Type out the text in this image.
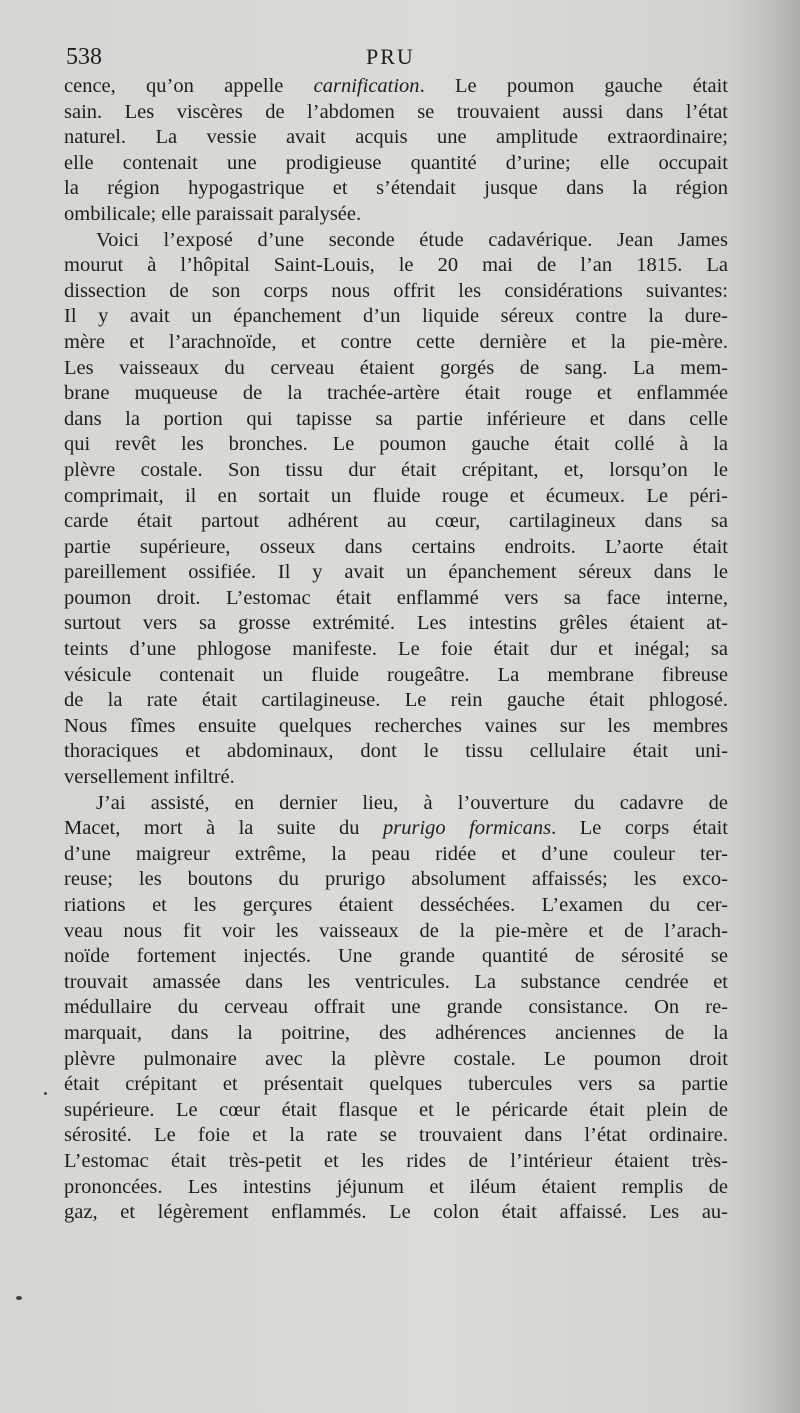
538	PRU
cence, qu’on appelle carnification. Le poumon gauche était
sain. Les viscères de l’abdomen se trouvaient aussi dans l’état
naturel. La vessie avait acquis une amplitude extraordinaire;
elle contenait une prodigieuse quantité d’urine; elle occupait
la région hypogastrique et s’étendait jusque dans la région
ombilicale; elle paraissait paralysée.
Voici l’exposé d’une seconde étude cadavérique. Jean James
mourut à l’hôpital Saint-Louis, le 20 mai de l’an 1815. La
dissection de son corps nous offrit les considérations suivantes:
Il y avait un épanchement d’un liquide séreux contre la dure-
mère et l’arachnoïde, et contre cette dernière et la pie-mère.
Les vaisseaux du cerveau étaient gorgés de sang. La mem-
brane muqueuse de la trachée-artère était rouge et enflammée
dans la portion qui tapisse sa partie inférieure et dans celle
qui revêt les bronches. Le poumon gauche était collé à la
plèvre costale. Son tissu dur était crépitant, et, lorsqu’on le
comprimait, il en sortait un fluide rouge et écumeux. Le péri-
carde était partout adhérent au cœur, cartilagineux dans sa
partie supérieure, osseux dans certains endroits. L’aorte était
pareillement ossifiée. Il y avait un épanchement séreux dans le
poumon droit. L’estomac était enflammé vers sa face interne,
surtout vers sa grosse extrémité. Les intestins grêles étaient at-
teints d’une phlogose manifeste. Le foie était dur et inégal; sa
vésicule contenait un fluide rougeâtre. La membrane fibreuse
de la rate était cartilagineuse. Le rein gauche était phlogosé.
Nous fîmes ensuite quelques recherches vaines sur les membres
thoraciques et abdominaux, dont le tissu cellulaire était uni-
versellement infiltré.
J’ai assisté, en dernier lieu, à l’ouverture du cadavre de
Macet, mort à la suite du prurigo formicans. Le corps était
d’une maigreur extrême, la peau ridée et d’une couleur ter-
reuse; les boutons du prurigo absolument affaissés; les exco-
riations et les gerçures étaient desséchées. L’examen du cer-
veau nous fit voir les vaisseaux de la pie-mère et de l’arach-
noïde fortement injectés. Une grande quantité de sérosité se
trouvait amassée dans les ventricules. La substance cendrée et
médullaire du cerveau offrait une grande consistance. On re-
marquait, dans la poitrine, des adhérences anciennes de la
plèvre pulmonaire avec la plèvre costale. Le poumon droit
était crépitant et présentait quelques tubercules vers sa partie
supérieure. Le cœur était flasque et le péricarde était plein de
sérosité. Le foie et la rate se trouvaient dans l’état ordinaire.
L’estomac était très-petit et les rides de l’intérieur étaient très-
prononcées. Les intestins jéjunum et iléum étaient remplis de
gaz, et légèrement enflammés. Le colon était affaissé. Les au-
